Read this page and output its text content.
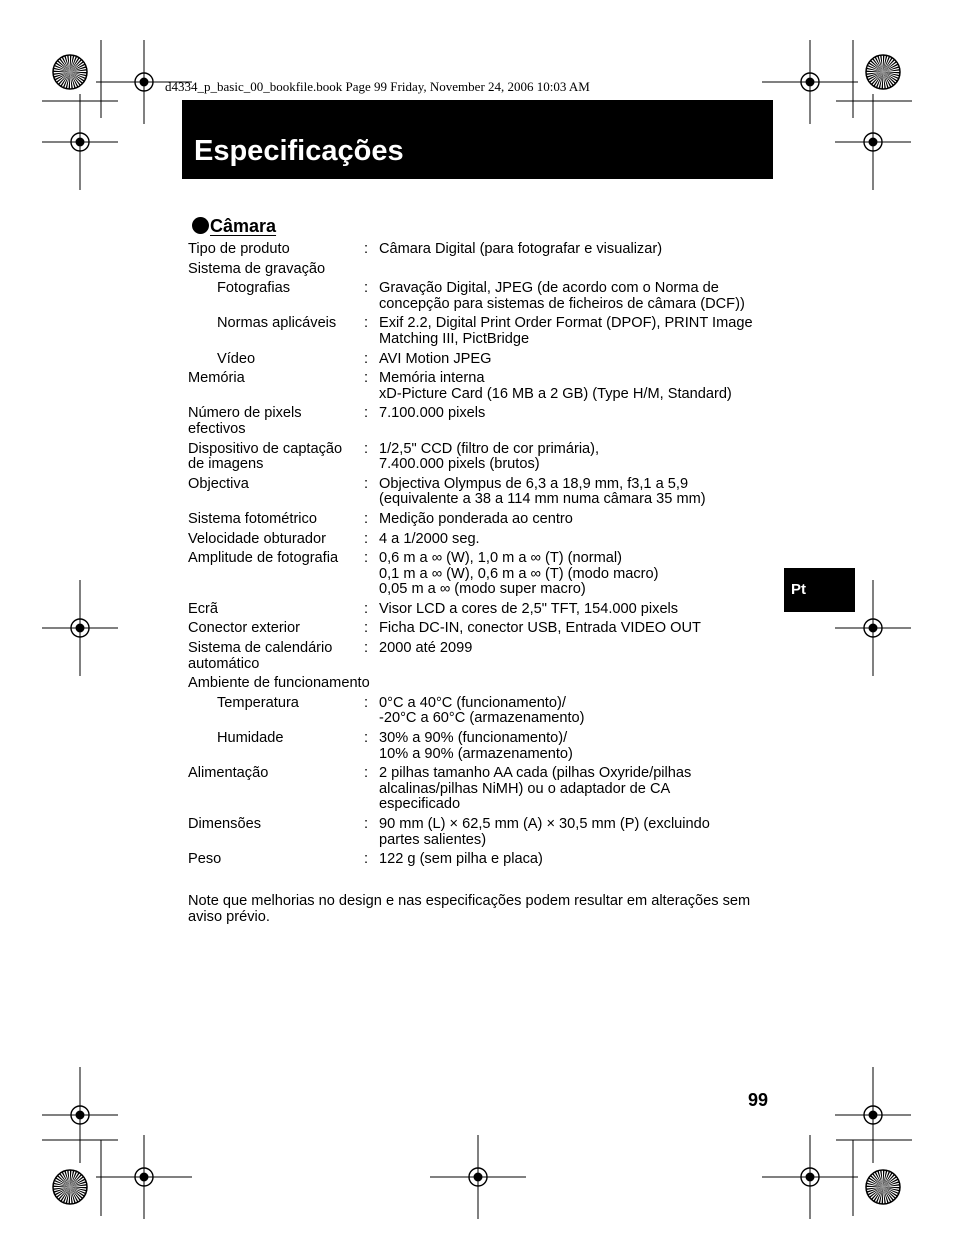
d4334_p_basic_00_bookfile.book Page 99 Friday, November 24, 2006 10:03 AM
Especificações
Câmara
Tipo de produto	: Câmara Digital (para fotografar e visualizar)
Sistema de gravação
Fotografias	: Gravação Digital, JPEG (de acordo com o Norma de
concepção para sistemas de ficheiros de câmara (DCF))
Normas aplicáveis	: Exif 2.2, Digital Print Order Format (DPOF), PRINT Image
Matching III, PictBridge
Vídeo	: AVI Motion JPEG
Memória	: Memória interna
xD-Picture Card (16 MB a 2 GB) (Type H/M, Standard)
Número de pixels
efectivos
: 7.100.000 pixels
Dispositivo de captação
de imagens
: 1/2,5" CCD (filtro de cor primária),
7.400.000 pixels (brutos)
Objectiva	: Objectiva Olympus de 6,3 a 18,9 mm, f3,1 a 5,9
(equivalente a 38 a 114 mm numa câmara 35 mm)
Sistema fotométrico	: Medição ponderada ao centro
Velocidade obturador	: 4 a 1/2000 seg.
Amplitude de fotografia	: 0,6 m a ∞ (W), 1,0 m a ∞ (T) (normal)
0,1 m a ∞ (W), 0,6 m a ∞ (T) (modo macro)
0,05 m a ∞ (modo super macro)
Ecrã	: Visor LCD a cores de 2,5" TFT, 154.000 pixels
Conector exterior	: Ficha DC-IN, conector USB, Entrada VIDEO OUT
Sistema de calendário
automático
: 2000 até 2099
Ambiente de funcionamento
Temperatura	: 0°C a 40°C (funcionamento)/
-20°C a 60°C (armazenamento)
Humidade	: 30% a 90% (funcionamento)/
10% a 90% (armazenamento)
Alimentação	: 2 pilhas tamanho AA cada (pilhas Oxyride/pilhas
alcalinas/pilhas NiMH) ou o adaptador de CA
especificado
Dimensões	: 90 mm (L) × 62,5 mm (A) × 30,5 mm (P) (excluindo
partes salientes)
Peso	: 122 g (sem pilha e placa)
Note que melhorias no design e nas especificações podem resultar em alterações sem aviso prévio.
Pt
99
